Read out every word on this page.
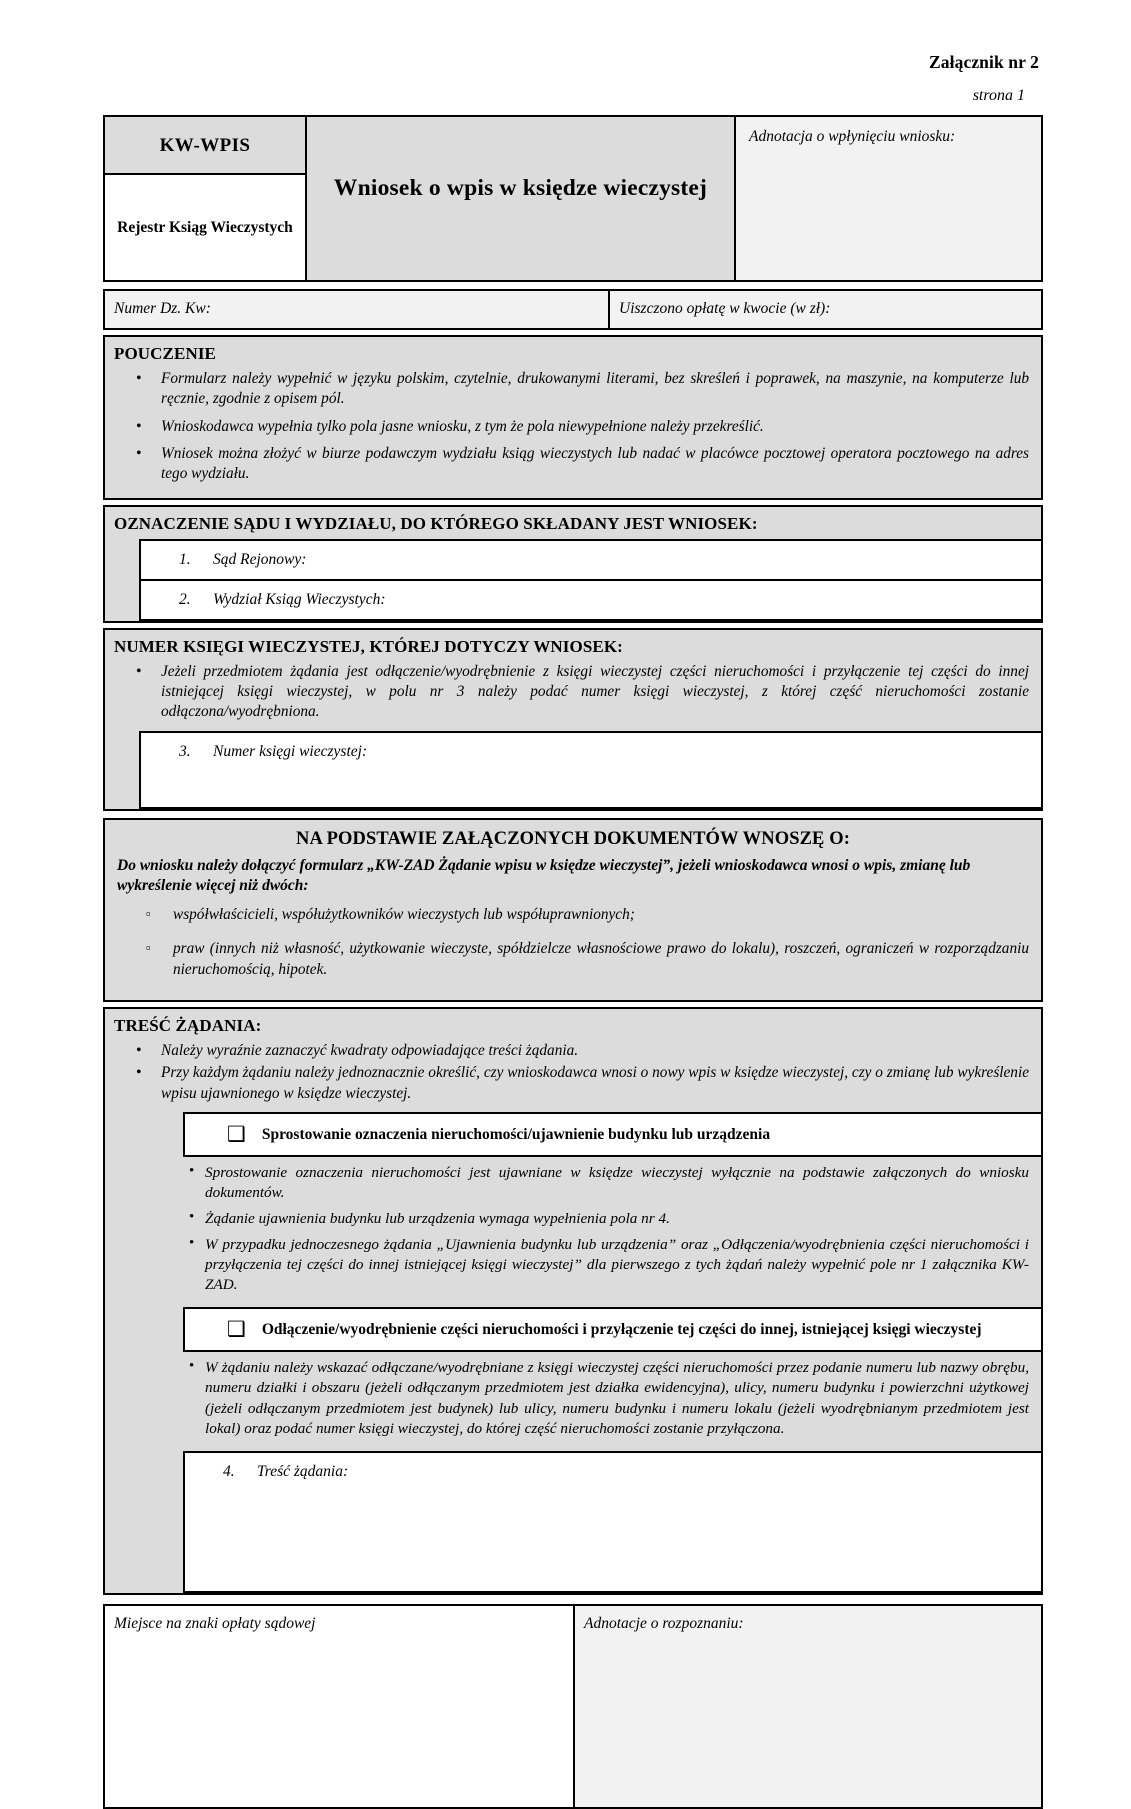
Załącznik nr 2
strona 1
KW-WPIS
Rejestr Ksiąg Wieczystych
Wniosek o wpis w księdze wieczystej
Adnotacja o wpłynięciu wniosku:
Numer Dz. Kw:	Uiszczono opłatę w kwocie (w zł):
POUCZENIE
• Formularz należy wypełnić w języku polskim, czytelnie, drukowanymi literami, bez skreśleń i poprawek, na maszynie, na komputerze lub ręcznie, zgodnie z opisem pól.
• Wnioskodawca wypełnia tylko pola jasne wniosku, z tym że pola niewypełnione należy przekreślić.
• Wniosek można złożyć w biurze podawczym wydziału ksiąg wieczystych lub nadać w placówce pocztowej operatora pocztowego na adres tego wydziału.
OZNACZENIE SĄDU I WYDZIAŁU, DO KTÓREGO SKŁADANY JEST WNIOSEK:
1.	Sąd Rejonowy:
2.	Wydział Ksiąg Wieczystych:
NUMER KSIĘGI WIECZYSTEJ, KTÓREJ DOTYCZY WNIOSEK:
• Jeżeli przedmiotem żądania jest odłączenie/wyodrębnienie z księgi wieczystej części nieruchomości i przyłączenie tej części do innej istniejącej księgi wieczystej, w polu nr 3 należy podać numer księgi wieczystej, z której część nieruchomości zostanie odłączona/wyodrębniona.
3.	Numer księgi wieczystej:
NA PODSTAWIE ZAŁĄCZONYCH DOKUMENTÓW WNOSZĘ O:
Do wniosku należy dołączyć formularz „KW-ZAD Żądanie wpisu w księdze wieczystej”, jeżeli wnioskodawca wnosi o wpis, zmianę lub wykreślenie więcej niż dwóch:
▫ współwłaścicieli, współużytkowników wieczystych lub współuprawnionych;
▫ praw (innych niż własność, użytkowanie wieczyste, spółdzielcze własnościowe prawo do lokalu), roszczeń, ograniczeń w rozporządzaniu nieruchomością, hipotek.
TREŚĆ ŻĄDANIA:
• Należy wyraźnie zaznaczyć kwadraty odpowiadające treści żądania.
• Przy każdym żądaniu należy jednoznacznie określić, czy wnioskodawca wnosi o nowy wpis w księdze wieczystej, czy o zmianę lub wykreślenie wpisu ujawnionego w księdze wieczystej.
❑ Sprostowanie oznaczenia nieruchomości/ujawnienie budynku lub urządzenia
• Sprostowanie oznaczenia nieruchomości jest ujawniane w księdze wieczystej wyłącznie na podstawie załączonych do wniosku dokumentów.
• Żądanie ujawnienia budynku lub urządzenia wymaga wypełnienia pola nr 4.
• W przypadku jednoczesnego żądania „Ujawnienia budynku lub urządzenia” oraz „Odłączenia/wyodrębnienia części nieruchomości i przyłączenia tej części do innej istniejącej księgi wieczystej” dla pierwszego z tych żądań należy wypełnić pole nr 1 załącznika KW-ZAD.
❑ Odłączenie/wyodrębnienie części nieruchomości i przyłączenie tej części do innej, istniejącej księgi wieczystej
• W żądaniu należy wskazać odłączane/wyodrębniane z księgi wieczystej części nieruchomości przez podanie numeru lub nazwy obrębu, numeru działki i obszaru (jeżeli odłączanym przedmiotem jest działka ewidencyjna), ulicy, numeru budynku i powierzchni użytkowej (jeżeli odłączanym przedmiotem jest budynek) lub ulicy, numeru budynku i numeru lokalu (jeżeli wyodrębnianym przedmiotem jest lokal) oraz podać numer księgi wieczystej, do której część nieruchomości zostanie przyłączona.
4.	Treść żądania:
Miejsce na znaki opłaty sądowej	Adnotacje o rozpoznaniu:
